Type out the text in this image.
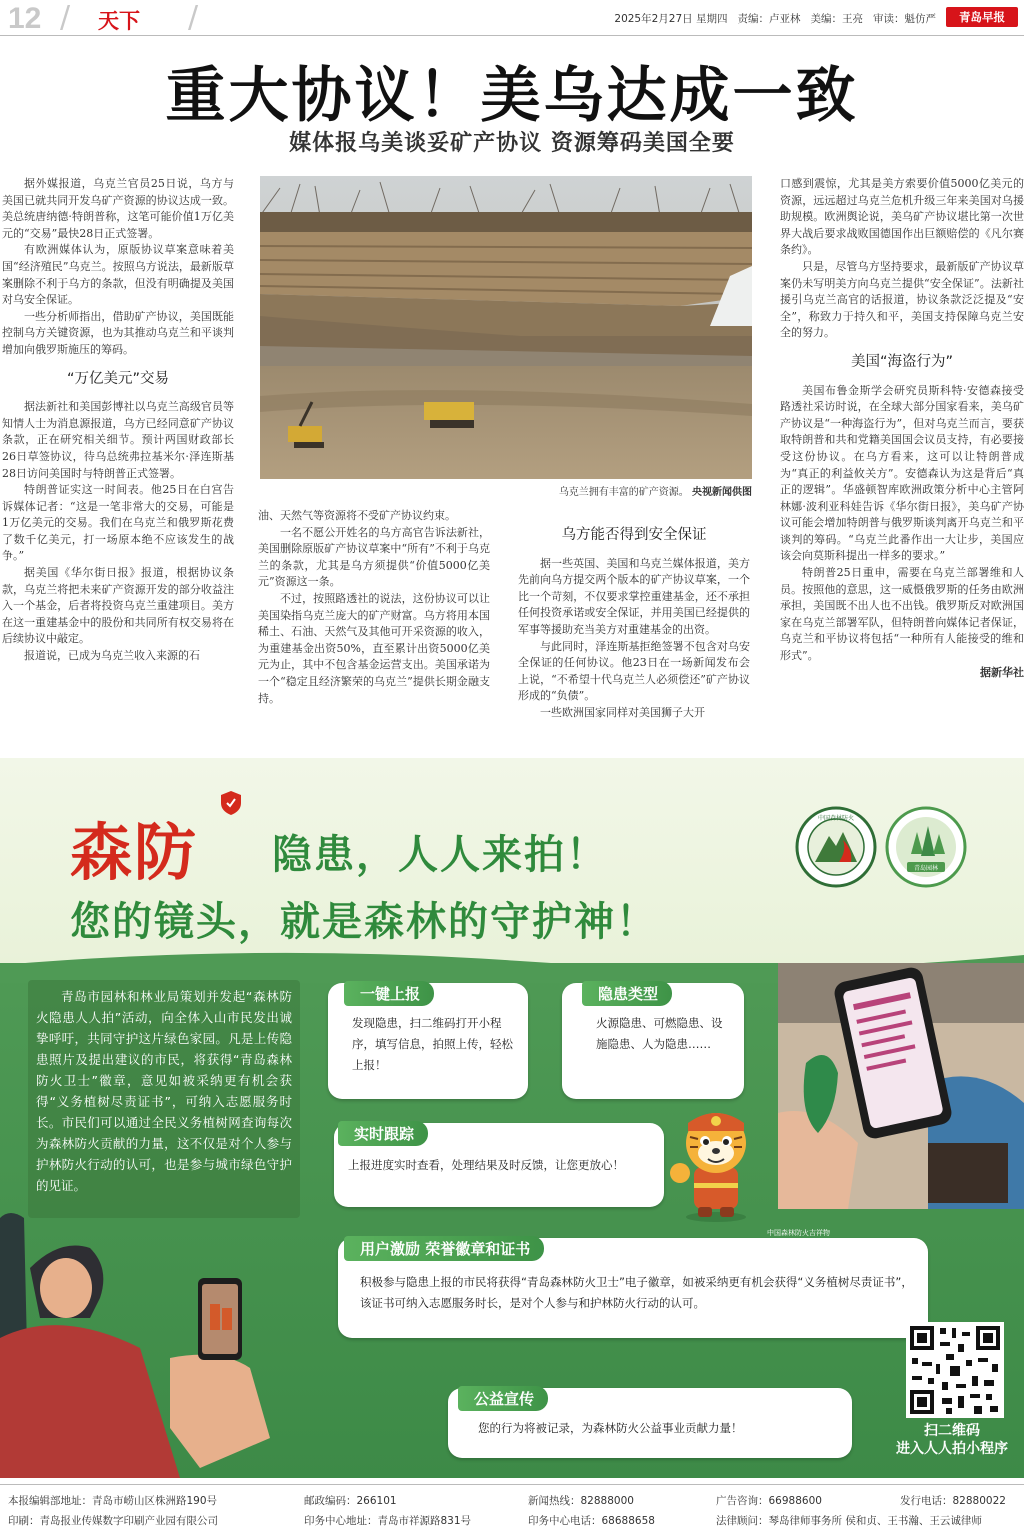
12 / 天下 /	2025年2月27日 星期四 责编：卢亚林 美编：王亮 审读：魁仿严	青岛早报
重大协议！美乌达成一致
媒体报乌美谈妥矿产协议 资源筹码美国全要

据外媒报道，乌克兰官员25日说，乌方与美国已就共同开发乌矿产资源的协议达成一致。美总统唐纳德·特朗普称，这笔可能价值1万亿美元的“交易”最快28日正式签署。

有欧洲媒体认为，原版协议草案意味着美国“经济殖民”乌克兰。按照乌方说法，最新版草案删除不利于乌方的条款，但没有明确提及美国对乌安全保证。

一些分析师指出，借助矿产协议，美国既能控制乌方关键资源，也为其推动乌克兰和平谈判增加向俄罗斯施压的筹码。

“万亿美元”交易

据法新社和美国彭博社以乌克兰高级官员等知情人士为消息源报道，乌方已经同意矿产协议条款，正在研究相关细节。预计两国财政部长26日草签协议，待乌总统弗拉基米尔·泽连斯基28日访问美国时与特朗普正式签署。

特朗普证实这一时间表。他25日在白宫告诉媒体记者：“这是一笔非常大的交易，可能是1万亿美元的交易。我们在乌克兰和俄罗斯花费了数千亿美元，打一场原本绝不应该发生的战争。”

据美国《华尔街日报》报道，根据协议条款，乌克兰将把未来矿产资源开发的部分收益注入一个基金，后者将投资乌克兰重建项目。美方在这一重建基金中的股份和共同所有权交易将在后续协议中敲定。

报道说，已成为乌克兰收入来源的石

乌克兰拥有丰富的矿产资源。 央视新闻供图

油、天然气等资源将不受矿产协议约束。

一名不愿公开姓名的乌方高官告诉法新社，美国删除原版矿产协议草案中“所有”不利于乌克兰的条款，尤其是乌方须提供“价值5000亿美元”资源这一条。

不过，按照路透社的说法，这份协议可以让美国染指乌克兰庞大的矿产财富。乌方将用本国稀土、石油、天然气及其他可开采资源的收入，为重建基金出资50%，直至累计出资5000亿美元为止，其中不包含基金运营支出。美国承诺为一个“稳定且经济繁荣的乌克兰”提供长期金融支持。

乌方能否得到安全保证

据一些英国、美国和乌克兰媒体报道，美方先前向乌方提交两个版本的矿产协议草案，一个比一个苛刻，不仅要求掌控重建基金，还不承担任何投资承诺或安全保证，并用美国已经提供的军事等援助充当美方对重建基金的出资。

与此同时，泽连斯基拒绝签署不包含对乌安全保证的任何协议。他23日在一场新闻发布会上说，“不希望十代乌克兰人必须偿还”矿产协议形成的“负债”。

一些欧洲国家同样对美国狮子大开

口感到震惊，尤其是美方索要价值5000亿美元的资源，远远超过乌克兰危机升级三年来美国对乌援助规模。欧洲舆论说，美乌矿产协议堪比第一次世界大战后要求战败国德国作出巨额赔偿的《凡尔赛条约》。

只是，尽管乌方坚持要求，最新版矿产协议草案仍未写明美方向乌克兰提供“安全保证”。法新社援引乌克兰高官的话报道，协议条款泛泛提及“安全”，称致力于持久和平，美国支持保障乌克兰安全的努力。

美国“海盗行为”

美国布鲁金斯学会研究员斯科特·安德森接受路透社采访时说，在全球大部分国家看来，美乌矿产协议是“一种海盗行为”，但对乌克兰而言，要获取特朗普和共和党籍美国国会议员支持，有必要接受这份协议。在乌方看来，这可以让特朗普成为“真正的利益攸关方”。安德森认为这是背后“真正的逻辑”。华盛顿智库欧洲政策分析中心主管阿林娜·波利亚科娃告诉《华尔街日报》，美乌矿产协议可能会增加特朗普与俄罗斯谈判离开乌克兰和平谈判的筹码。“乌克兰此番作出一大让步，美国应该会向莫斯科提出一样多的要求。”

特朗普25日重申，需要在乌克兰部署维和人员。按照他的意思，这一威慑俄罗斯的任务由欧洲承担，美国既不出人也不出钱。俄罗斯反对欧洲国家在乌克兰部署军队，但特朗普向媒体记者保证，乌克兰和平协议将包括“一种所有人能接受的维和形式”。

据新华社

森防 隐患，人人来拍！
您的镜头，就是森林的守护神！
中国森林防火
青岛园林
青岛市园林和林业局策划并发起“森林防火隐患人人拍”活动，向全体入山市民发出诚挚呼吁，共同守护这片绿色家园。凡是上传隐患照片及提出建议的市民，将获得“青岛森林防火卫士”徽章，意见如被采纳更有机会获得“义务植树尽责证书”，可纳入志愿服务时长。市民们可以通过全民义务植树网查询每次为森林防火贡献的力量，这不仅是对个人参与护林防火行动的认可，也是参与城市绿色守护的见证。
一键上报
发现隐患，扫二维码打开小程序，填写信息，拍照上传，轻松上报！
隐患类型
火源隐患、可燃隐患、设施隐患、人为隐患……
实时跟踪
上报进度实时查看，处理结果及时反馈，让您更放心！
用户激励 荣誉徽章和证书
积极参与隐患上报的市民将获得“青岛森林防火卫士”电子徽章，如被采纳更有机会获得“义务植树尽责证书”，该证书可纳入志愿服务时长，是对个人参与和护林防火行动的认可。
公益宣传
您的行为将被记录，为森林防火公益事业贡献力量！
中国森林防火吉祥物
扫二维码
进入人人拍小程序
本报编辑部地址：青岛市崂山区株洲路190号
印刷：青岛报业传媒数字印刷产业园有限公司
邮政编码：266101
印务中心地址：青岛市祥源路831号
新闻热线：82888000
印务中心电话：68688658
广告咨询：66988600
法律顾问：琴岛律师事务所 侯和贞、王书瀚、王云诚律师
发行电话：82880022
